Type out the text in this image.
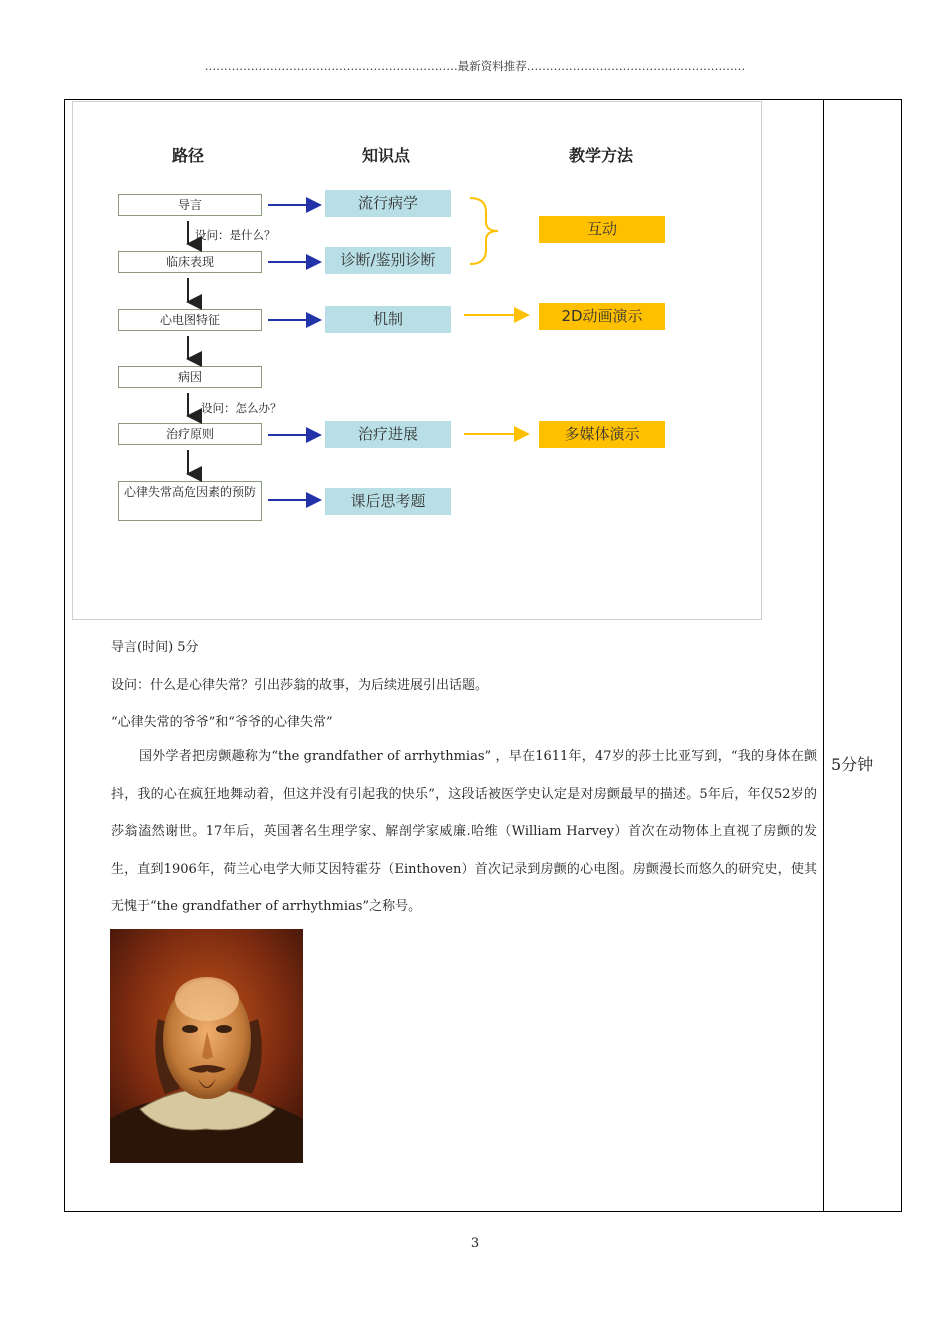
…………………………………………………………最新资料推荐…………………………………………………
路径	知识点	教学方法
导言
临床表现
心电图特征
病因
治疗原则
心律失常高危因素的预防
设问：是什么？
设问：怎么办？
流行病学
诊断/鉴别诊断
机制
治疗进展
课后思考题
互动
2D动画演示
多媒体演示
导言(时间) 5分
设问：什么是心律失常？引出莎翁的故事，为后续进展引出话题。
“心律失常的爷爷”和“爷爷的心律失常”
国外学者把房颤趣称为“the grandfather of arrhythmias” ，早在1611年，47岁的莎士比亚写到，“我的身体在颤抖，我的心在疯狂地舞动着，但这并没有引起我的快乐”，这段话被医学史认定是对房颤最早的描述。5年后，年仅52岁的莎翁溘然谢世。17年后，英国著名生理学家、解剖学家威廉.哈维（William Harvey）首次在动物体上直视了房颤的发生，直到1906年，荷兰心电学大师艾因特霍芬（Einthoven）首次记录到房颤的心电图。房颤漫长而悠久的研究史，使其无愧于“the grandfather of arrhythmias”之称号。
5分钟
3
